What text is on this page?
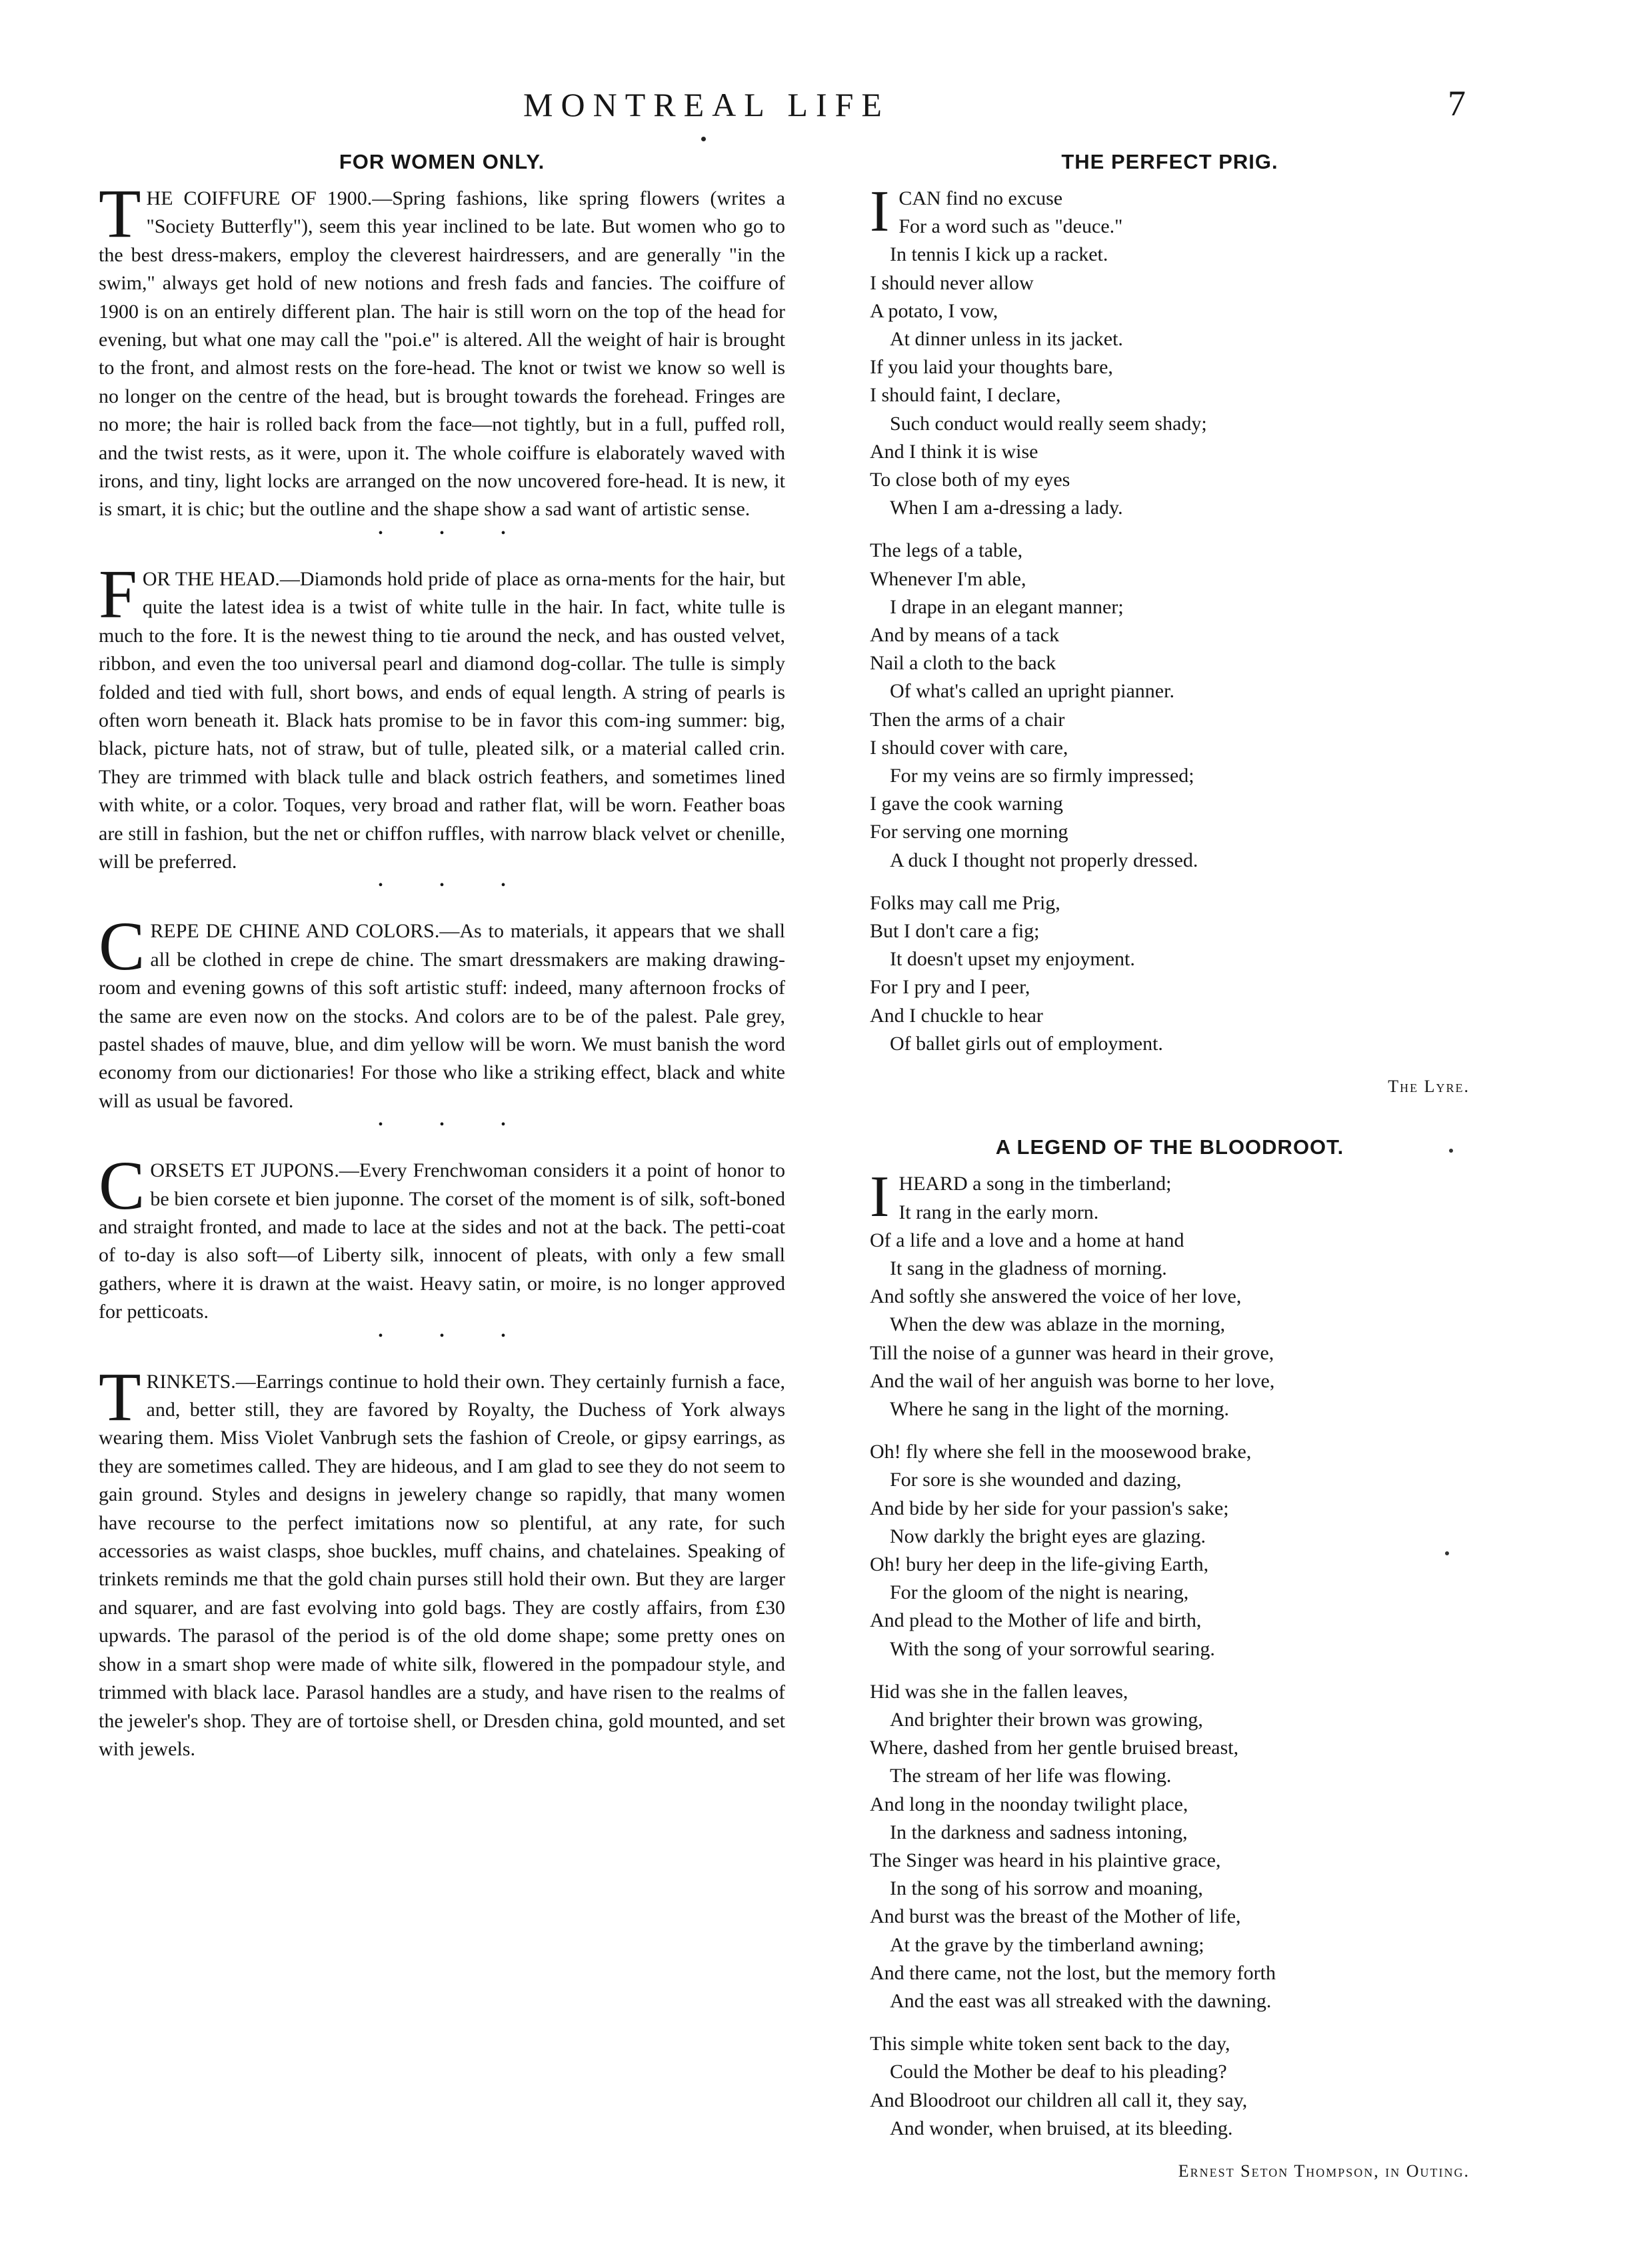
MONTREAL LIFE	7
FOR WOMEN ONLY.

THE COIFFURE OF 1900.—Spring fashions, like spring flowers (writes a "Society Butterfly"), seem this year inclined to be late. But women who go to the best dress-makers, employ the cleverest hairdressers, and are generally "in the swim," always get hold of new notions and fresh fads and fancies. The coiffure of 1900 is on an entirely different plan. The hair is still worn on the top of the head for evening, but what one may call the "poi.e" is altered. All the weight of hair is brought to the front, and almost rests on the fore-head. The knot or twist we know so well is no longer on the centre of the head, but is brought towards the forehead. Fringes are no more; the hair is rolled back from the face—not tightly, but in a full, puffed roll, and the twist rests, as it were, upon it. The whole coiffure is elaborately waved with irons, and tiny, light locks are arranged on the now uncovered fore-head. It is new, it is smart, it is chic; but the outline and the shape show a sad want of artistic sense.

• • •

FOR THE HEAD.—Diamonds hold pride of place as orna-ments for the hair, but quite the latest idea is a twist of white tulle in the hair. In fact, white tulle is much to the fore. It is the newest thing to tie around the neck, and has ousted velvet, ribbon, and even the too universal pearl and diamond dog-collar. The tulle is simply folded and tied with full, short bows, and ends of equal length. A string of pearls is often worn beneath it. Black hats promise to be in favor this com-ing summer: big, black, picture hats, not of straw, but of tulle, pleated silk, or a material called crin. They are trimmed with black tulle and black ostrich feathers, and sometimes lined with white, or a color. Toques, very broad and rather flat, will be worn. Feather boas are still in fashion, but the net or chiffon ruffles, with narrow black velvet or chenille, will be preferred.

• • •

CREPE DE CHINE AND COLORS.—As to materials, it appears that we shall all be clothed in crepe de chine. The smart dressmakers are making drawing-room and evening gowns of this soft artistic stuff: indeed, many afternoon frocks of the same are even now on the stocks. And colors are to be of the palest. Pale grey, pastel shades of mauve, blue, and dim yellow will be worn. We must banish the word economy from our dictionaries! For those who like a striking effect, black and white will as usual be favored.

• • •

CORSETS ET JUPONS.—Every Frenchwoman considers it a point of honor to be bien corsete et bien juponne. The corset of the moment is of silk, soft-boned and straight fronted, and made to lace at the sides and not at the back. The petti-coat of to-day is also soft—of Liberty silk, innocent of pleats, with only a few small gathers, where it is drawn at the waist. Heavy satin, or moire, is no longer approved for petticoats.

• • •

TRINKETS.—Earrings continue to hold their own. They certainly furnish a face, and, better still, they are favored by Royalty, the Duchess of York always wearing them. Miss Violet Vanbrugh sets the fashion of Creole, or gipsy earrings, as they are sometimes called. They are hideous, and I am glad to see they do not seem to gain ground. Styles and designs in jewelery change so rapidly, that many women have recourse to the perfect imitations now so plentiful, at any rate, for such accessories as waist clasps, shoe buckles, muff chains, and chatelaines. Speaking of trinkets reminds me that the gold chain purses still hold their own. But they are larger and squarer, and are fast evolving into gold bags. They are costly affairs, from £30 upwards. The parasol of the period is of the old dome shape; some pretty ones on show in a smart shop were made of white silk, flowered in the pompadour style, and trimmed with black lace. Parasol handles are a study, and have risen to the realms of the jeweler's shop. They are of tortoise shell, or Dresden china, gold mounted, and set with jewels.

THE PERFECT PRIG.
I CAN find no excuse
For a word such as "deuce."
In tennis I kick up a racket.
I should never allow
A potato, I vow,
At dinner unless in its jacket.
If you laid your thoughts bare,
I should faint, I declare,
Such conduct would really seem shady;
And I think it is wise
To close both of my eyes
When I am a-dressing a lady.
The legs of a table,
Whenever I'm able,
I drape in an elegant manner;
And by means of a tack
Nail a cloth to the back
Of what's called an upright pianner.
Then the arms of a chair
I should cover with care,
For my veins are so firmly impressed;
I gave the cook warning
For serving one morning
A duck I thought not properly dressed.
Folks may call me Prig,
But I don't care a fig;
It doesn't upset my enjoyment.
For I pry and I peer,
And I chuckle to hear
Of ballet girls out of employment.
The Lyre.
A LEGEND OF THE BLOODROOT.
I HEARD a song in the timberland;
It rang in the early morn.
Of a life and a love and a home at hand
It sang in the gladness of morning.
And softly she answered the voice of her love,
When the dew was ablaze in the morning,
Till the noise of a gunner was heard in their grove,
And the wail of her anguish was borne to her love,
Where he sang in the light of the morning.
Oh! fly where she fell in the moosewood brake,
For sore is she wounded and dazing,
And bide by her side for your passion's sake;
Now darkly the bright eyes are glazing.
Oh! bury her deep in the life-giving Earth,
For the gloom of the night is nearing,
And plead to the Mother of life and birth,
With the song of your sorrowful searing.
Hid was she in the fallen leaves,
And brighter their brown was growing,
Where, dashed from her gentle bruised breast,
The stream of her life was flowing.
And long in the noonday twilight place,
In the darkness and sadness intoning,
The Singer was heard in his plaintive grace,
In the song of his sorrow and moaning,
And burst was the breast of the Mother of life,
At the grave by the timberland awning;
And there came, not the lost, but the memory forth
And the east was all streaked with the dawning.
This simple white token sent back to the day,
Could the Mother be deaf to his pleading?
And Bloodroot our children all call it, they say,
And wonder, when bruised, at its bleeding.
Ernest Seton Thompson, in Outing.
